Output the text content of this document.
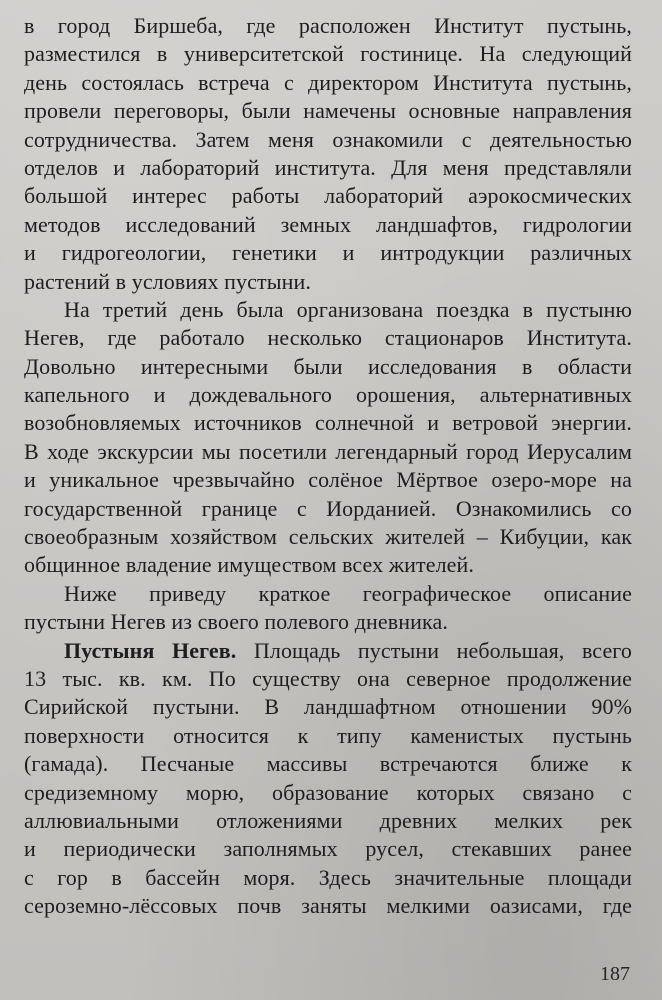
в город Биршеба, где расположен Институт пустынь,
разместился в университетской гостинице. На следующий
день состоялась встреча с директором Института пустынь,
провели переговоры, были намечены основные направления
сотрудничества. Затем меня ознакомили с деятельностью
отделов и лабораторий института. Для меня представляли
большой интерес работы лабораторий аэрокосмических
методов исследований земных ландшафтов, гидрологии
и гидрогеологии, генетики и интродукции различных
растений в условиях пустыни.
На третий день была организована поездка в пустыню
Негев, где работало несколько стационаров Института.
Довольно интересными были исследования в области
капельного и дождевального орошения, альтернативных
возобновляемых источников солнечной и ветровой энергии.
В ходе экскурсии мы посетили легендарный город Иерусалим
и уникальное чрезвычайно солёное Мёртвое озеро-море на
государственной границе с Иорданией. Ознакомились со
своеобразным хозяйством сельских жителей – Кибуции, как
общинное владение имуществом всех жителей.
Ниже приведу краткое географическое описание
пустыни Негев из своего полевого дневника.
Пустыня Негев. Площадь пустыни небольшая, всего
13 тыс. кв. км. По существу она северное продолжение
Сирийской пустыни. В ландшафтном отношении 90%
поверхности относится к типу каменистых пустынь
(гамада). Песчаные массивы встречаются ближе к
средиземному морю, образование которых связано с
аллювиальными отложениями древних мелких рек
и периодически заполнямых русел, стекавших ранее
с гор в бассейн моря. Здесь значительные площади
сероземно-лёссовых почв заняты мелкими оазисами, где
187
